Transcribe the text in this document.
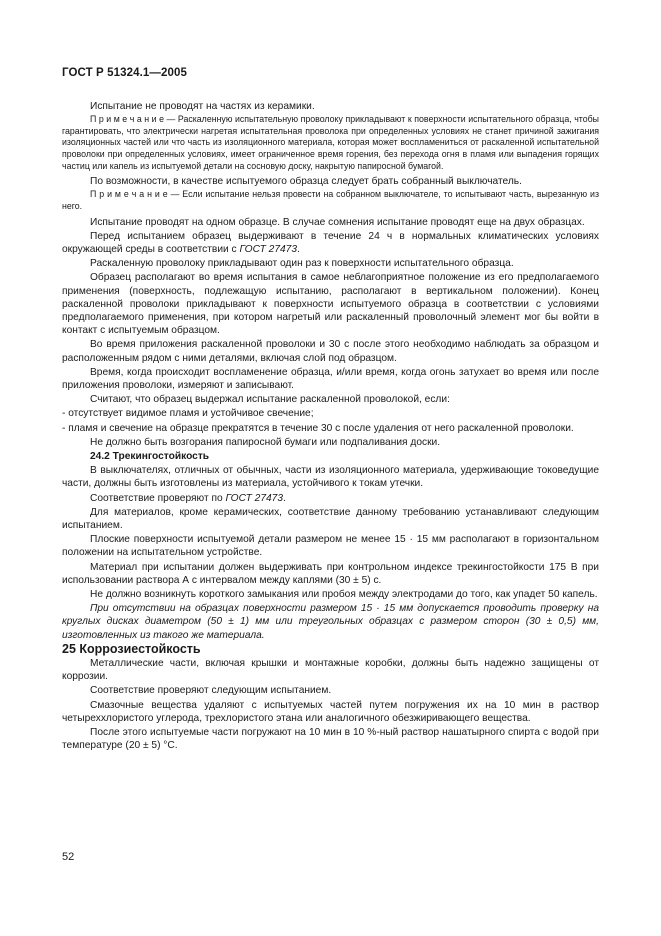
ГОСТ Р 51324.1—2005

Испытание не проводят на частях из керамики.

П р и м е ч а н и е — Раскаленную испытательную проволоку прикладывают к поверхности испытательного образца, чтобы гарантировать, что электрически нагретая испытательная проволока при определенных условиях не станет причиной зажигания изоляционных частей или что часть из изоляционного материала, которая может воспламениться от раскаленной испытательной проволоки при определенных условиях, имеет ограниченное время горения, без перехода огня в пламя или выпадения горящих частиц или капель из испытуемой детали на сосновую доску, накрытую папиросной бумагой.

По возможности, в качестве испытуемого образца следует брать собранный выключатель.

П р и м е ч а н и е — Если испытание нельзя провести на собранном выключателе, то испытывают часть, вырезанную из него.

Испытание проводят на одном образце. В случае сомнения испытание проводят еще на двух образцах.

Перед испытанием образец выдерживают в течение 24 ч в нормальных климатических условиях окружающей среды в соответствии с ГОСТ 27473.

Раскаленную проволоку прикладывают один раз к поверхности испытательного образца.

Образец располагают во время испытания в самое неблагоприятное положение из его предполагаемого применения (поверхность, подлежащую испытанию, располагают в вертикальном положении). Конец раскаленной проволоки прикладывают к поверхности испытуемого образца в соответствии с условиями предполагаемого применения, при котором нагретый или раскаленный проволочный элемент мог бы войти в контакт с испытуемым образцом.

Во время приложения раскаленной проволоки и 30 с после этого необходимо наблюдать за образцом и расположенным рядом с ними деталями, включая слой под образцом.

Время, когда происходит воспламенение образца, и/или время, когда огонь затухает во время или после приложения проволоки, измеряют и записывают.

Считают, что образец выдержал испытание раскаленной проволокой, если:

- отсутствует видимое пламя и устойчивое свечение;

- пламя и свечение на образце прекратятся в течение 30 с после удаления от него раскаленной проволоки.

Не должно быть возгорания папиросной бумаги или подпаливания доски.

24.2 Трекингостойкость

В выключателях, отличных от обычных, части из изоляционного материала, удерживающие токоведущие части, должны быть изготовлены из материала, устойчивого к токам утечки.

Соответствие проверяют по ГОСТ 27473.

Для материалов, кроме керамических, соответствие данному требованию устанавливают следующим испытанием.

Плоские поверхности испытуемой детали размером не менее 15 · 15 мм располагают в горизонтальном положении на испытательном устройстве.

Материал при испытании должен выдерживать при контрольном индексе трекингостойкости 175 В при использовании раствора А с интервалом между каплями (30 ± 5) с.

Не должно возникнуть короткого замыкания или пробоя между электродами до того, как упадет 50 капель.

При отсутствии на образцах поверхности размером 15 · 15 мм допускается проводить проверку на круглых дисках диаметром (50 ± 1) мм или треугольных образцах с размером сторон (30 ± 0,5) мм, изготовленных из такого же материала.

25 Коррозиестойкость

Металлические части, включая крышки и монтажные коробки, должны быть надежно защищены от коррозии.

Соответствие проверяют следующим испытанием.

Смазочные вещества удаляют с испытуемых частей путем погружения их на 10 мин в раствор четыреххлористого углерода, трехлористого этана или аналогичного обезжиривающего вещества.

После этого испытуемые части погружают на 10 мин в 10 %-ный раствор нашатырного спирта с водой при температуре (20 ± 5) °С.

52
